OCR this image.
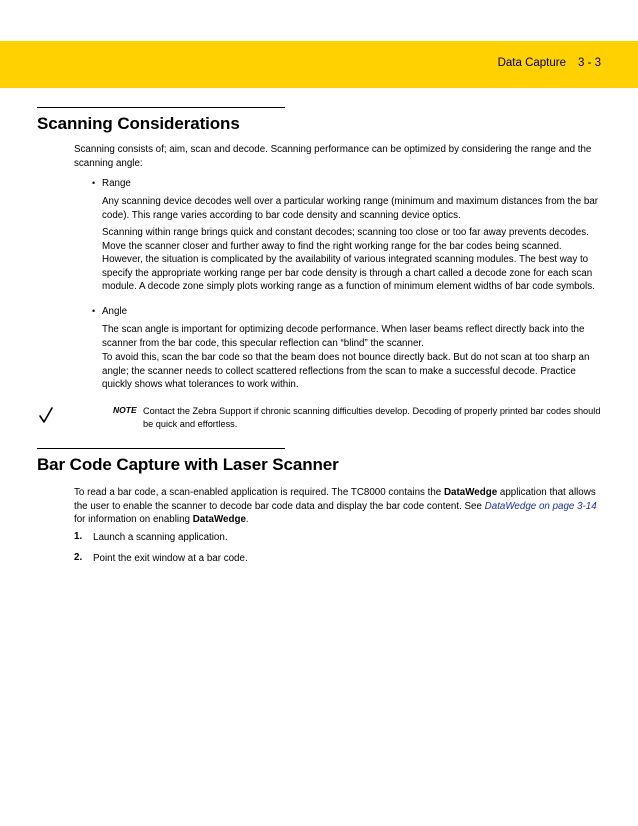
Data Capture 3 - 3
Scanning Considerations

Scanning consists of; aim, scan and decode. Scanning performance can be optimized by considering the range and the scanning angle:

• Range

Any scanning device decodes well over a particular working range (minimum and maximum distances from the bar code). This range varies according to bar code density and scanning device optics.

Scanning within range brings quick and constant decodes; scanning too close or too far away prevents decodes. Move the scanner closer and further away to find the right working range for the bar codes being scanned. However, the situation is complicated by the availability of various integrated scanning modules. The best way to specify the appropriate working range per bar code density is through a chart called a decode zone for each scan module. A decode zone simply plots working range as a function of minimum element widths of bar code symbols.

• Angle

The scan angle is important for optimizing decode performance. When laser beams reflect directly back into the scanner from the bar code, this specular reflection can “blind” the scanner.

To avoid this, scan the bar code so that the beam does not bounce directly back. But do not scan at too sharp an angle; the scanner needs to collect scattered reflections from the scan to make a successful decode. Practice quickly shows what tolerances to work within.

NOTE Contact the Zebra Support if chronic scanning difficulties develop. Decoding of properly printed bar codes should be quick and effortless.

Bar Code Capture with Laser Scanner

To read a bar code, a scan-enabled application is required. The TC8000 contains the DataWedge application that allows the user to enable the scanner to decode bar code data and display the bar code content. See DataWedge on page 3-14 for information on enabling DataWedge.

1. Launch a scanning application.

2. Point the exit window at a bar code.
